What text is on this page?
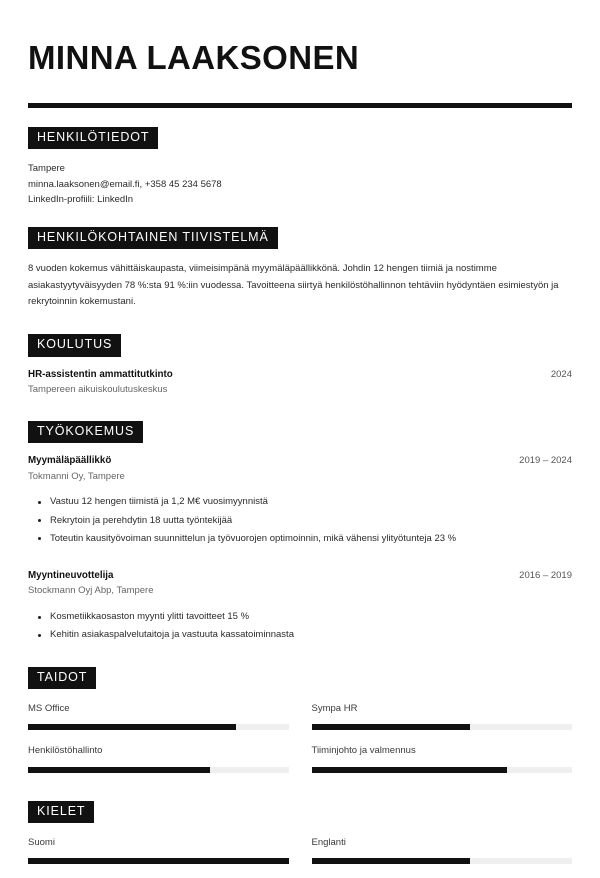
MINNA LAAKSONEN
HENKILÖTIEDOT
Tampere
minna.laaksonen@email.fi, +358 45 234 5678
LinkedIn-profiili: LinkedIn
HENKILÖKOHTAINEN TIIVISTELMÄ

8 vuoden kokemus vähittäiskaupasta, viimeisimpänä myymäläpäällikkönä. Johdin 12 hengen tiimiä ja nostimme asiakastyytyväisyyden 78 %:sta 91 %:iin vuodessa. Tavoitteena siirtyä henkilöstöhallinnon tehtäviin hyödyntäen esimiestyön ja rekrytoinnin kokemustani.

KOULUTUS
HR-assistentin ammattitutkinto	2024
Tampereen aikuiskoulutuskeskus
TYÖKOKEMUS
Myymäläpäällikkö	2019 – 2024
Tokmanni Oy, Tampere
Vastuu 12 hengen tiimistä ja 1,2 M€ vuosimyynnistä
Rekrytoin ja perehdytin 18 uutta työntekijää
Toteutin kausityövoiman suunnittelun ja työvuorojen optimoinnin, mikä vähensi ylityötunteja 23 %
Myyntineuvottelija	2016 – 2019
Stockmann Oyj Abp, Tampere
Kosmetiikkaosaston myynti ylitti tavoitteet 15 %
Kehitin asiakaspalvelutaitoja ja vastuuta kassatoiminnasta
TAIDOT
MS Office	Sympa HR
Henkilöstöhallinto	Tiiminjohto ja valmennus
KIELET
Suomi	Englanti
